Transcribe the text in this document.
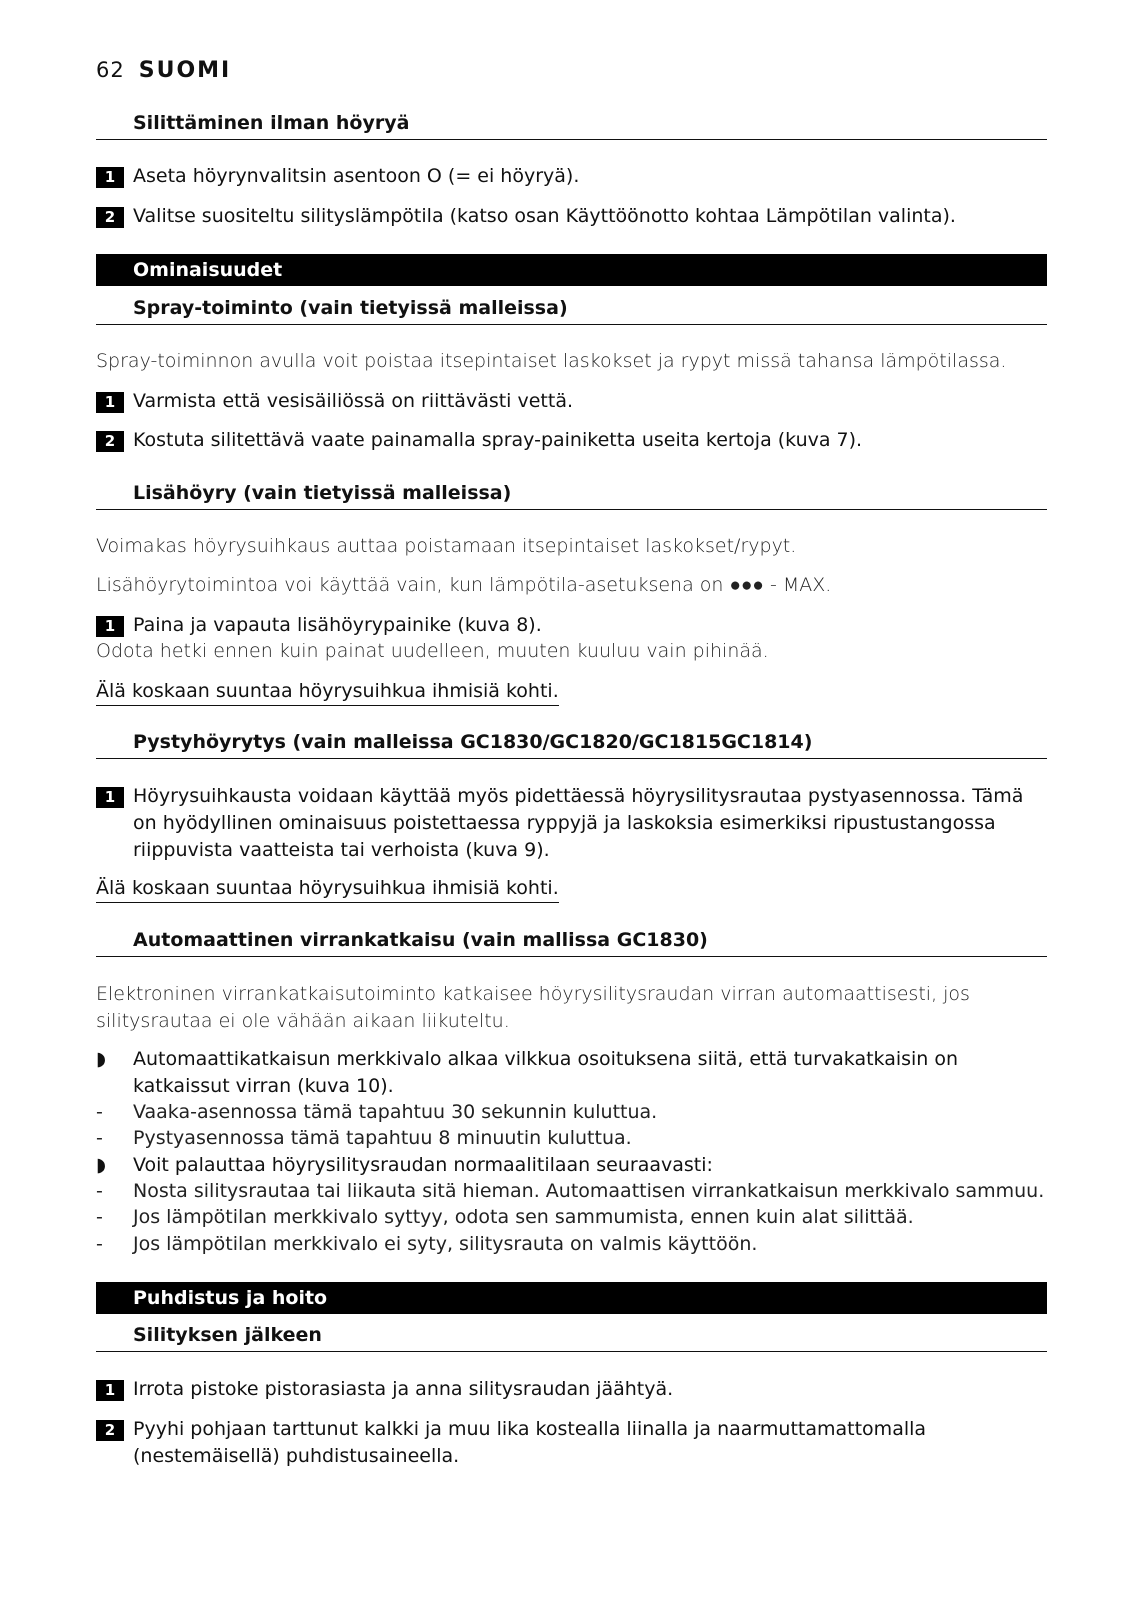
62 SUOMI
Silittäminen ilman höyryä
1 Aseta höyrynvalitsin asentoon O (= ei höyryä).
2 Valitse suositeltu silityslämpötila (katso osan Käyttöönotto kohtaa Lämpötilan valinta).
Ominaisuudet
Spray-toiminto (vain tietyissä malleissa)
Spray-toiminnon avulla voit poistaa itsepintaiset laskokset ja rypyt missä tahansa lämpötilassa.
1 Varmista että vesisäiliössä on riittävästi vettä.
2 Kostuta silitettävä vaate painamalla spray-painiketta useita kertoja (kuva 7).
Lisähöyry (vain tietyissä malleissa)
Voimakas höyrysuihkaus auttaa poistamaan itsepintaiset laskokset/rypyt.
Lisähöyrytoimintoa voi käyttää vain, kun lämpötila-asetuksena on ●●● - MAX.
1 Paina ja vapauta lisähöyrypainike (kuva 8).
Odota hetki ennen kuin painat uudelleen, muuten kuuluu vain pihinää.
Älä koskaan suuntaa höyrysuihkua ihmisiä kohti.
Pystyhöyrytys (vain malleissa GC1830/GC1820/GC1815GC1814)
1 Höyrysuihkausta voidaan käyttää myös pidettäessä höyrysilitysrautaa pystyasennossa. Tämä on hyödyllinen ominaisuus poistettaessa ryppyjä ja laskoksia esimerkiksi ripustustangossa riippuvista vaatteista tai verhoista (kuva 9).
Älä koskaan suuntaa höyrysuihkua ihmisiä kohti.
Automaattinen virrankatkaisu (vain mallissa GC1830)
Elektroninen virrankatkaisutoiminto katkaisee höyrysilitysraudan virran automaattisesti, jos silitysrautaa ei ole vähään aikaan liikuteltu.
◗	Automaattikatkaisun merkkivalo alkaa vilkkua osoituksena siitä, että turvakatkaisin on katkaissut virran (kuva 10).
- Vaaka-asennossa tämä tapahtuu 30 sekunnin kuluttua.
- Pystyasennossa tämä tapahtuu 8 minuutin kuluttua.
◗	Voit palauttaa höyrysilitysraudan normaalitilaan seuraavasti:
- Nosta silitysrautaa tai liikauta sitä hieman. Automaattisen virrankatkaisun merkkivalo sammuu.
- Jos lämpötilan merkkivalo syttyy, odota sen sammumista, ennen kuin alat silittää.
- Jos lämpötilan merkkivalo ei syty, silitysrauta on valmis käyttöön.
Puhdistus ja hoito
Silityksen jälkeen
1 Irrota pistoke pistorasiasta ja anna silitysraudan jäähtyä.
2 Pyyhi pohjaan tarttunut kalkki ja muu lika kostealla liinalla ja naarmuttamattomalla (nestemäisellä) puhdistusaineella.
